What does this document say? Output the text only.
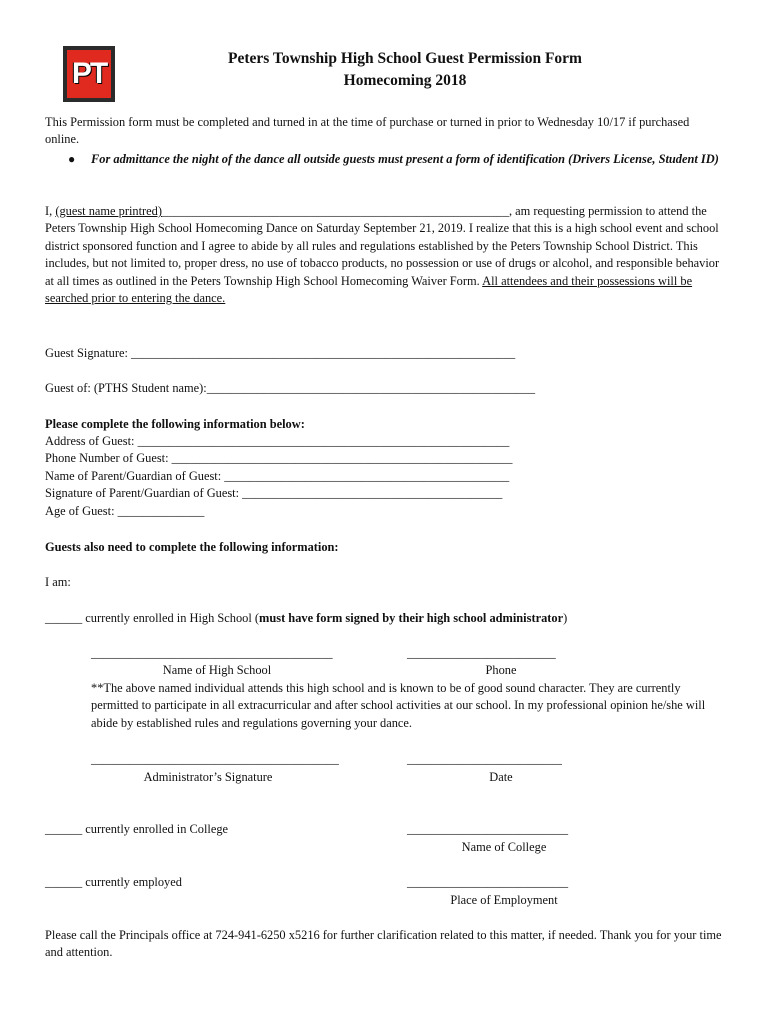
PT	Peters Township High School Guest Permission Form
Homecoming 2018
This Permission form must be completed and turned in at the time of purchase or turned in prior to Wednesday 10/17 if purchased online.
● For admittance the night of the dance all outside guests must present a form of identification (Drivers License, Student ID)
I, (guest name printred)________________________________________________________, am requesting permission to attend the Peters Township High School Homecoming Dance on Saturday September 21, 2019. I realize that this is a high school event and school district sponsored function and I agree to abide by all rules and regulations established by the Peters Township School District. This includes, but not limited to, proper dress, no use of tobacco products, no possession or use of drugs or alcohol, and responsible behavior at all times as outlined in the Peters Township High School Homecoming Waiver Form. All attendees and their possessions will be searched prior to entering the dance.
Guest Signature: ______________________________________________________________
Guest of: (PTHS Student name):_____________________________________________________
Please complete the following information below:
Address of Guest: ____________________________________________________________
Phone Number of Guest: _______________________________________________________
Name of Parent/Guardian of Guest: ______________________________________________
Signature of Parent/Guardian of Guest: __________________________________________
Age of Guest: ______________
Guests also need to complete the following information:
I am:
______ currently enrolled in High School (must have form signed by their high school administrator)
_______________________________________	________________________
Name of High School	Phone
**The above named individual attends this high school and is known to be of good sound character. They are currently permitted to participate in all extracurricular and after school activities at our school. In my professional opinion he/she will abide by established rules and regulations governing your dance.
________________________________________	_________________________
Administrator’s Signature	Date
______ currently enrolled in College	__________________________
Name of College
______ currently employed	__________________________
Place of Employment
Please call the Principals office at 724-941-6250 x5216 for further clarification related to this matter, if needed. Thank you for your time and attention.
